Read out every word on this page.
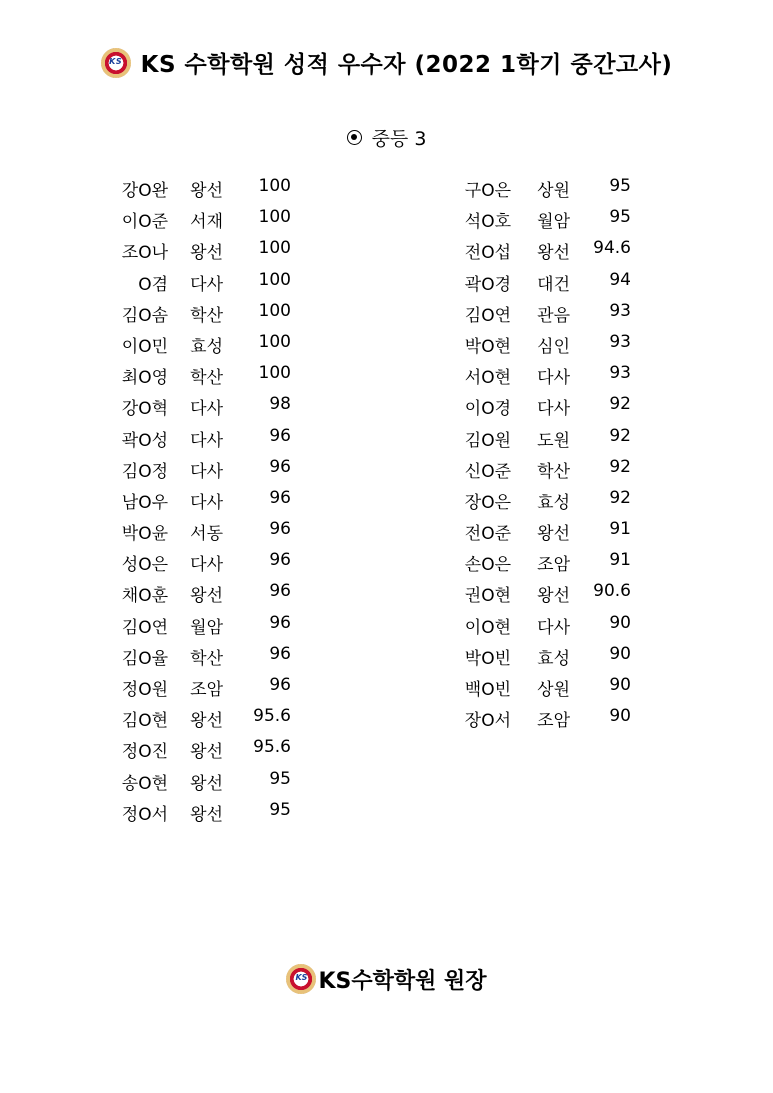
KSKS 수학학원 성적 우수자 (2022 1학기 중간고사)
중등 3
강O완 왕선 100
이O준 서재 100
조O나 왕선 100
O겸 다사 100
김O솜 학산 100
이O민 효성 100
최O영 학산 100
강O혁 다사	98
곽O성 다사	96
김O정 다사	96
남O우 다사	96
박O윤 서동	96
성O은 다사	96
채O훈 왕선	96
김O연 월암	96
김O율 학산	96
정O원 조암	96
김O현 왕선 95.6
정O진 왕선 95.6
송O현 왕선	95
정O서 왕선	95
구O은 상원 95
석O호 월암 95
전O섭 왕선 94.6
곽O경 대건 94
김O연 관음 93
박O현 심인 93
서O현 다사 93
이O경 다사 92
김O원 도원 92
신O준 학산 92
장O은 효성 92
전O준 왕선 91
손O은 조암 91
권O현 왕선 90.6
이O현 다사 90
박O빈 효성 90
백O빈 상원 90
장O서 조암 90
KSKS수학학원 원장
